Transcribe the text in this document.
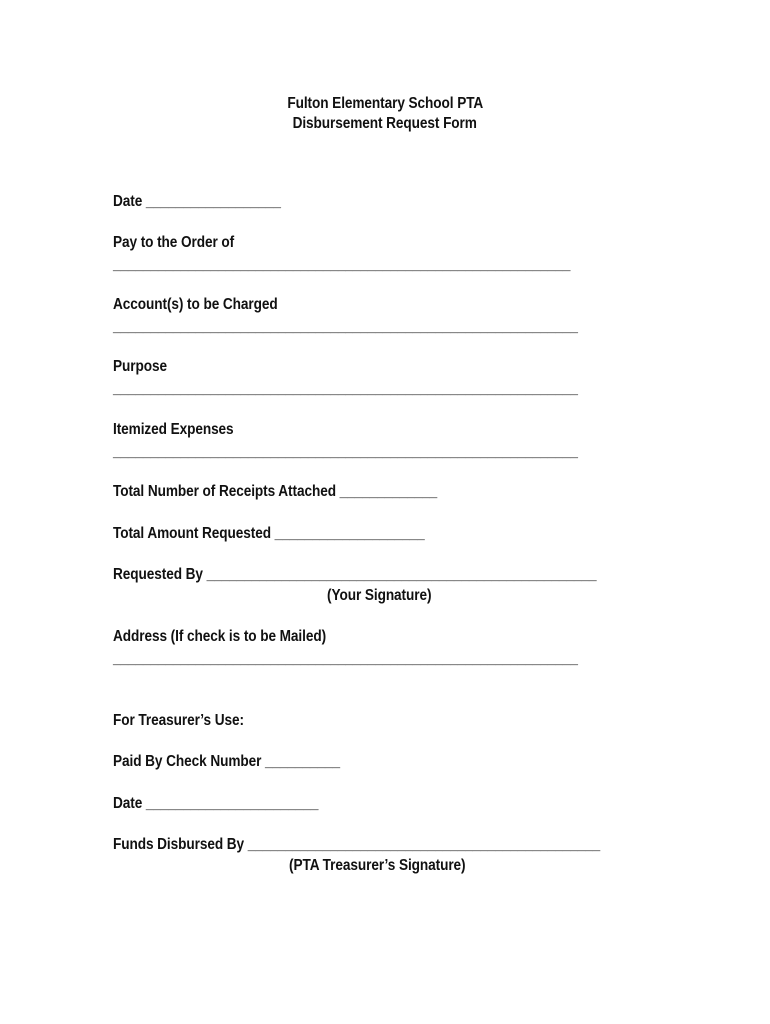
Fulton Elementary School PTA
Disbursement Request Form
Date __________________
Pay to the Order of
_____________________________________________________________
Account(s) to be Charged
______________________________________________________________
Purpose
______________________________________________________________
Itemized Expenses
______________________________________________________________
Total Number of Receipts Attached _____________
Total Amount Requested ____________________
Requested By ____________________________________________________
(Your Signature)
Address (If check is to be Mailed)
______________________________________________________________
For Treasurer’s Use:
Paid By Check Number __________
Date _______________________
Funds Disbursed By _______________________________________________
(PTA Treasurer’s Signature)
